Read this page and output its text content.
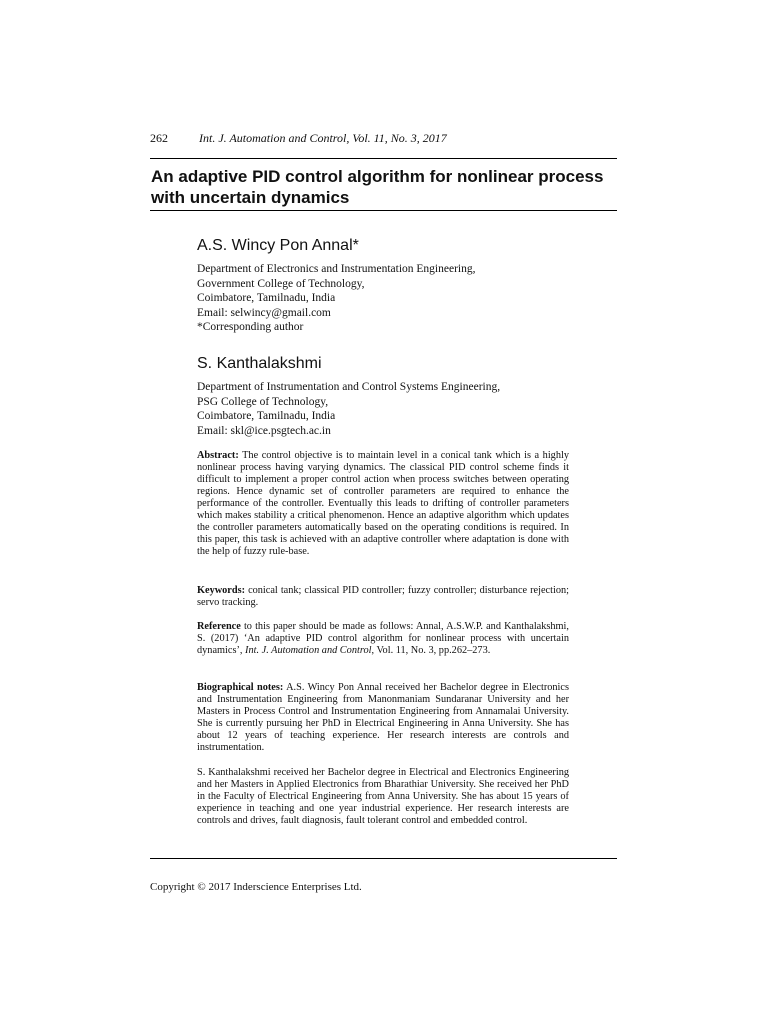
262	Int. J. Automation and Control, Vol. 11, No. 3, 2017
An adaptive PID control algorithm for nonlinear process with uncertain dynamics
A.S. Wincy Pon Annal*
Department of Electronics and Instrumentation Engineering,
Government College of Technology,
Coimbatore, Tamilnadu, India
Email: selwincy@gmail.com
*Corresponding author
S. Kanthalakshmi
Department of Instrumentation and Control Systems Engineering,
PSG College of Technology,
Coimbatore, Tamilnadu, India
Email: skl@ice.psgtech.ac.in

Abstract: The control objective is to maintain level in a conical tank which is a highly nonlinear process having varying dynamics. The classical PID control scheme finds it difficult to implement a proper control action when process switches between operating regions. Hence dynamic set of controller parameters are required to enhance the performance of the controller. Eventually this leads to drifting of controller parameters which makes stability a critical phenomenon. Hence an adaptive algorithm which updates the controller parameters automatically based on the operating conditions is required. In this paper, this task is achieved with an adaptive controller where adaptation is done with the help of fuzzy rule-base.

Keywords: conical tank; classical PID controller; fuzzy controller; disturbance rejection; servo tracking.

Reference to this paper should be made as follows: Annal, A.S.W.P. and Kanthalakshmi, S. (2017) ‘An adaptive PID control algorithm for nonlinear process with uncertain dynamics’, Int. J. Automation and Control, Vol. 11, No. 3, pp.262–273.

Biographical notes: A.S. Wincy Pon Annal received her Bachelor degree in Electronics and Instrumentation Engineering from Manonmaniam Sundaranar University and her Masters in Process Control and Instrumentation Engineering from Annamalai University. She is currently pursuing her PhD in Electrical Engineering in Anna University. She has about 12 years of teaching experience. Her research interests are controls and instrumentation.

S. Kanthalakshmi received her Bachelor degree in Electrical and Electronics Engineering and her Masters in Applied Electronics from Bharathiar University. She received her PhD in the Faculty of Electrical Engineering from Anna University. She has about 15 years of experience in teaching and one year industrial experience. Her research interests are controls and drives, fault diagnosis, fault tolerant control and embedded control.

Copyright © 2017 Inderscience Enterprises Ltd.
